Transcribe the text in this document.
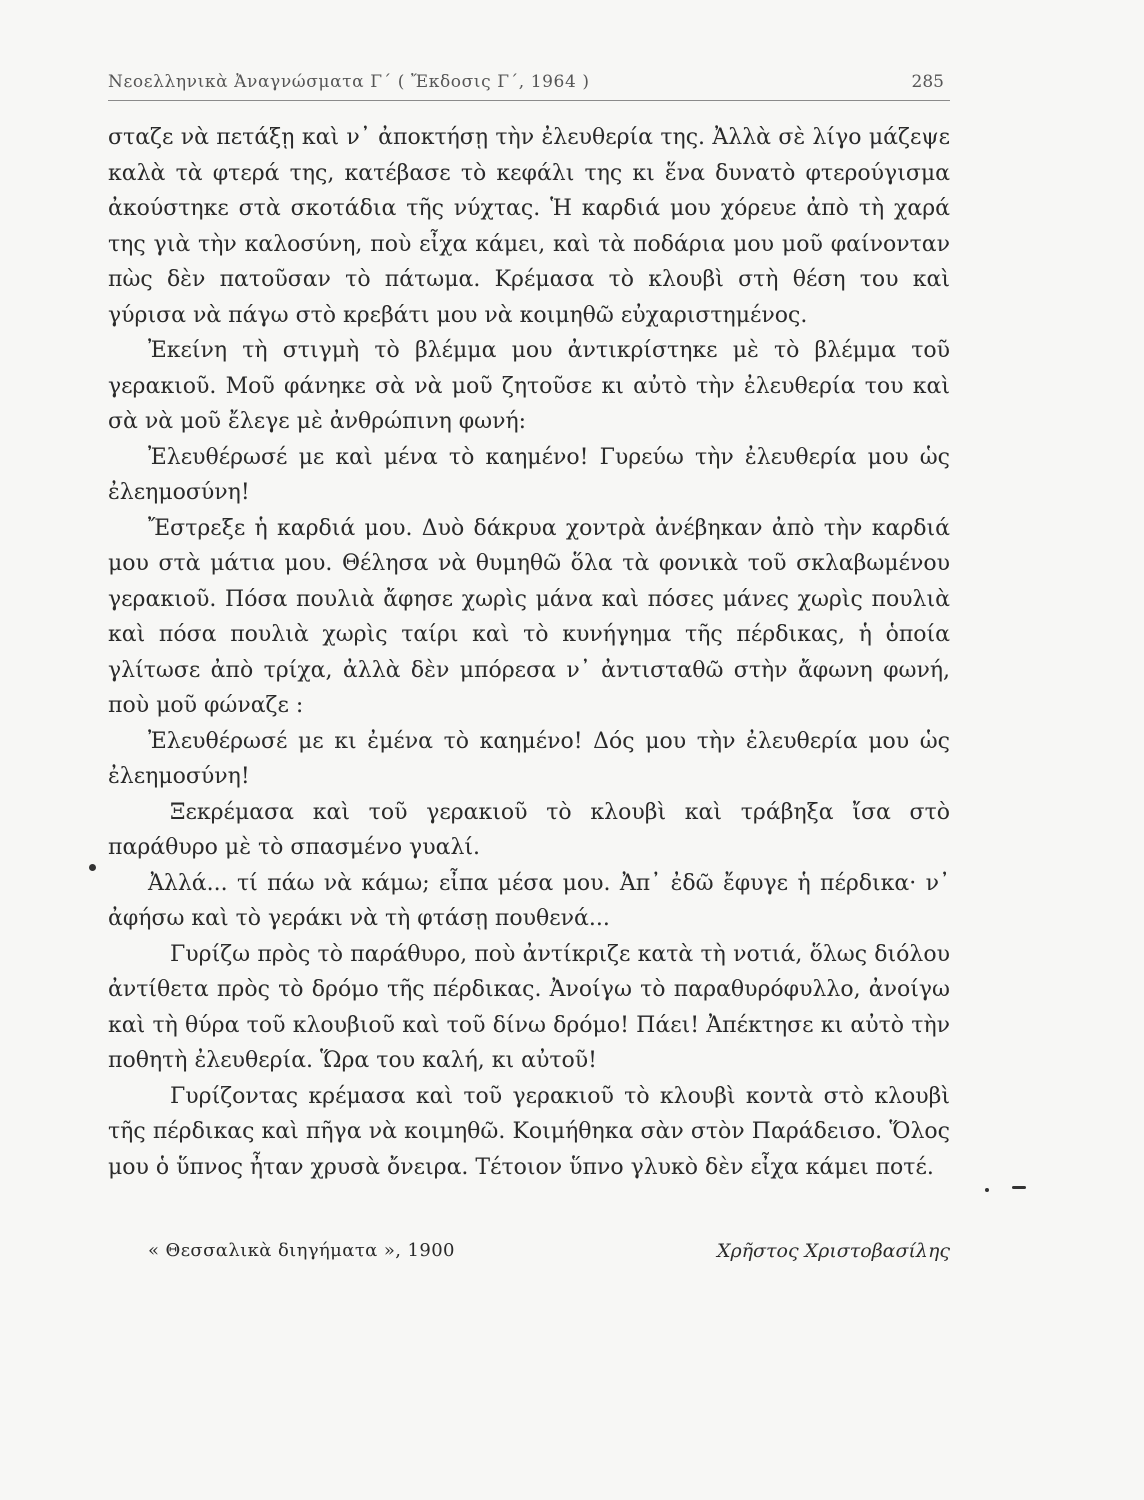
Νεοελληνικὰ Ἀναγνώσματα Γ΄ ( Ἔκδοσις Γ΄, 1964 )	285

σταζε νὰ πετάξῃ καὶ ν᾽ ἀποκτήσῃ τὴν ἐλευθερία της. Ἀλλὰ σὲ λίγο μάζεψε καλὰ τὰ φτερά της, κατέβασε τὸ κεφάλι της κι ἕνα δυνατὸ φτερούγισμα ἀκούστηκε στὰ σκοτάδια τῆς νύχτας. Ἡ καρδιά μου χόρευε ἀπὸ τὴ χαρά της γιὰ τὴν καλοσύνη, ποὺ εἶχα κάμει, καὶ τὰ ποδάρια μου μοῦ φαίνονταν πὼς δὲν πατοῦσαν τὸ πάτωμα. Κρέμασα τὸ κλουβὶ στὴ θέση του καὶ γύρισα νὰ πάγω στὸ κρεβάτι μου νὰ κοιμηθῶ εὐχαριστημένος.

Ἐκείνη τὴ στιγμὴ τὸ βλέμμα μου ἀντικρίστηκε μὲ τὸ βλέμμα τοῦ γερακιοῦ. Μοῦ φάνηκε σὰ νὰ μοῦ ζητοῦσε κι αὐτὸ τὴν ἐλευθερία του καὶ σὰ νὰ μοῦ ἔλεγε μὲ ἀνθρώπινη φωνή:

Ἐλευθέρωσέ με καὶ μένα τὸ καημένο! Γυρεύω τὴν ἐλευθερία μου ὡς ἐλεημοσύνη!

Ἔστρεξε ἡ καρδιά μου. Δυὸ δάκρυα χοντρὰ ἀνέβηκαν ἀπὸ τὴν καρδιά μου στὰ μάτια μου. Θέλησα νὰ θυμηθῶ ὅλα τὰ φονικὰ τοῦ σκλαβωμένου γερακιοῦ. Πόσα πουλιὰ ἄφησε χωρὶς μάνα καὶ πόσες μάνες χωρὶς πουλιὰ καὶ πόσα πουλιὰ χωρὶς ταίρι καὶ τὸ κυνήγημα τῆς πέρδικας, ἡ ὁποία γλίτωσε ἀπὸ τρίχα, ἀλλὰ δὲν μπόρεσα ν᾽ ἀντισταθῶ στὴν ἄφωνη φωνή, ποὺ μοῦ φώναζε :

Ἐλευθέρωσέ με κι ἐμένα τὸ καημένο! Δός μου τὴν ἐλευθερία μου ὡς ἐλεημοσύνη!

Ξεκρέμασα καὶ τοῦ γερακιοῦ τὸ κλουβὶ καὶ τράβηξα ἴσα στὸ παράθυρο μὲ τὸ σπασμένο γυαλί.

Ἀλλά... τί πάω νὰ κάμω; εἶπα μέσα μου. Ἀπ᾽ ἐδῶ ἔφυγε ἡ πέρδικα· ν᾽ ἀφήσω καὶ τὸ γεράκι νὰ τὴ φτάσῃ πουθενά...

Γυρίζω πρὸς τὸ παράθυρο, ποὺ ἀντίκριζε κατὰ τὴ νοτιά, ὅλως διόλου ἀντίθετα πρὸς τὸ δρόμο τῆς πέρδικας. Ἀνοίγω τὸ παραθυρόφυλλο, ἀνοίγω καὶ τὴ θύρα τοῦ κλουβιοῦ καὶ τοῦ δίνω δρόμο! Πάει! Ἀπέκτησε κι αὐτὸ τὴν ποθητὴ ἐλευθερία. Ὥρα του καλή, κι αὐτοῦ!

Γυρίζοντας κρέμασα καὶ τοῦ γερακιοῦ τὸ κλουβὶ κοντὰ στὸ κλουβὶ τῆς πέρδικας καὶ πῆγα νὰ κοιμηθῶ. Κοιμήθηκα σὰν στὸν Παράδεισο. Ὅλος μου ὁ ὕπνος ἦταν χρυσὰ ὄνειρα. Τέτοιον ὕπνο γλυκὸ δὲν εἶχα κάμει ποτέ.

« Θεσσαλικὰ διηγήματα », 1900	Χρῆστος Χριστοβασίλης
